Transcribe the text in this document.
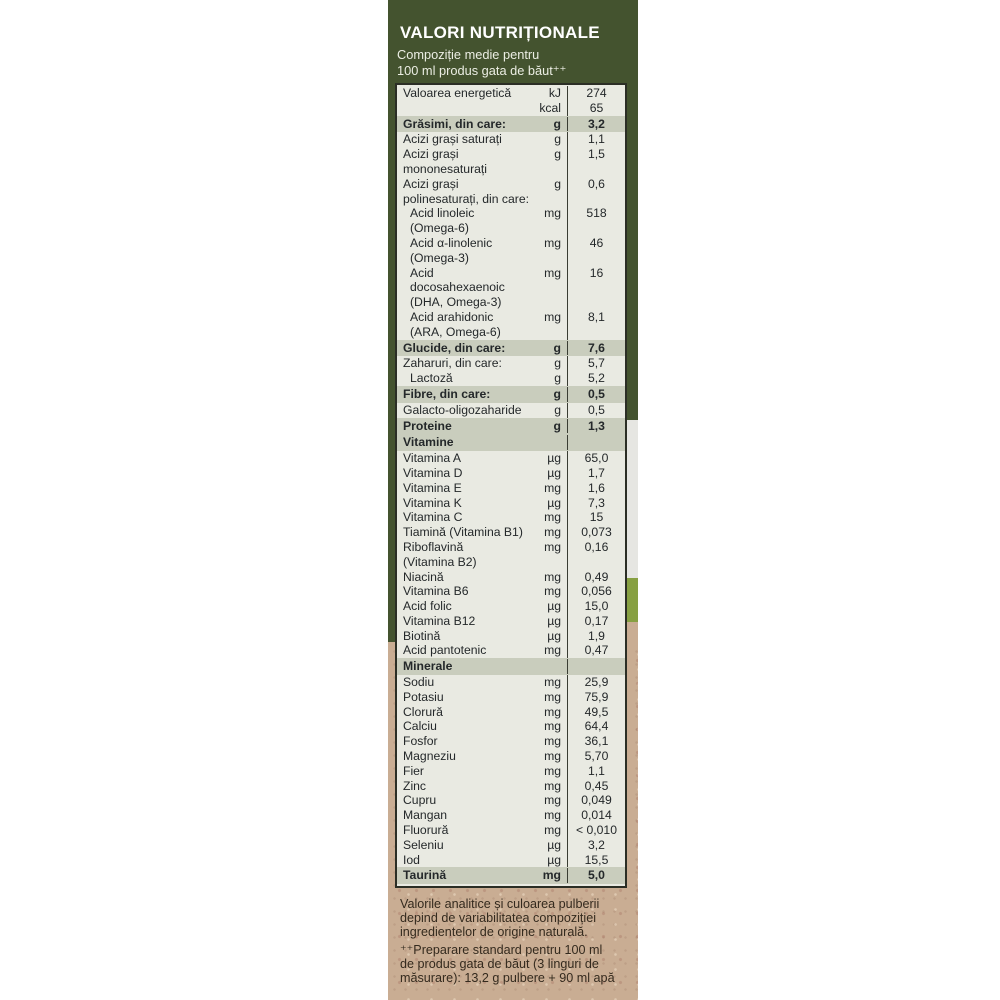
VALORI NUTRIȚIONALE
Compoziție medie pentru
100 ml produs gata de băut⁺⁺
Valoarea energetică	kJ	274
kcal	65
Grăsimi, din care:	g	3,2
Acizi grași saturați	g	1,1
Acizi grași
mononesaturați
g	1,5
Acizi grași
polinesaturați, din care:
g	0,6
Acid linoleic
(Omega-6)
mg	518
Acid α-linolenic
(Omega-3)
mg	46
Acid docosahexaenoic
(DHA, Omega-3)
mg	16
Acid arahidonic
(ARA, Omega-6)
mg	8,1
Glucide, din care:	g	7,6
Zaharuri, din care:	g	5,7
Lactoză	g	5,2
Fibre, din care:	g	0,5
Galacto-oligozaharide	g	0,5
Proteine	g	1,3
Vitamine
Vitamina A	µg	65,0
Vitamina D	µg	1,7
Vitamina E	mg	1,6
Vitamina K	µg	7,3
Vitamina C	mg	15
Tiamină (Vitamina B1)	mg	0,073
Riboflavină
(Vitamina B2)
mg	0,16
Niacină	mg	0,49
Vitamina B6	mg	0,056
Acid folic	µg	15,0
Vitamina B12	µg	0,17
Biotină	µg	1,9
Acid pantotenic	mg	0,47
Minerale
Sodiu	mg	25,9
Potasiu	mg	75,9
Clorură	mg	49,5
Calciu	mg	64,4
Fosfor	mg	36,1
Magneziu	mg	5,70
Fier	mg	1,1
Zinc	mg	0,45
Cupru	mg	0,049
Mangan	mg	0,014
Fluorură	mg	< 0,010
Seleniu	µg	3,2
Iod	µg	15,5
Taurină	mg	5,0
Valorile analitice și culoarea pulberii
depind de variabilitatea compoziției
ingredientelor de origine naturală.
⁺⁺Preparare standard pentru 100 ml
de produs gata de băut (3 linguri de
măsurare): 13,2 g pulbere + 90 ml apă
